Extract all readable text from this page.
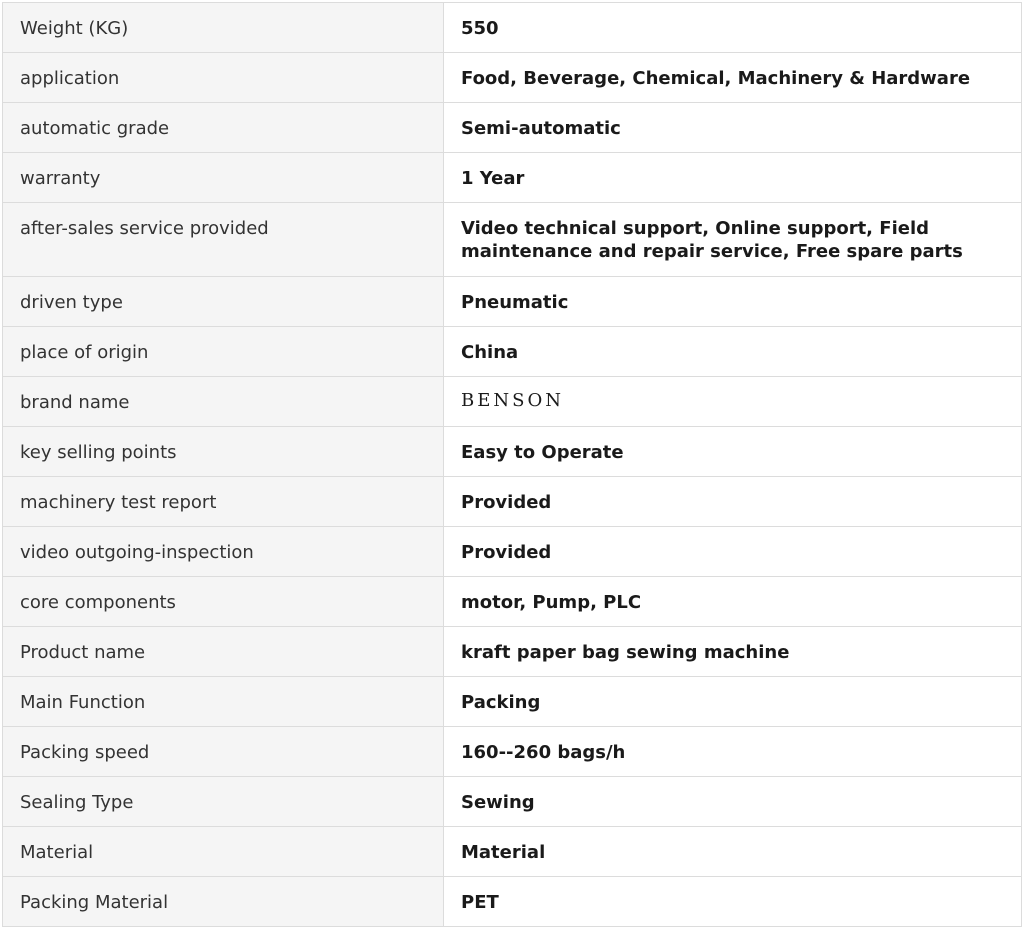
Weight (KG)	550
application	Food, Beverage, Chemical, Machinery & Hardware
automatic grade	Semi-automatic
warranty	1 Year
after-sales service provided	Video technical support, Online support, Field maintenance and repair service, Free spare parts
driven type	Pneumatic
place of origin	China
brand name	BENSON
key selling points	Easy to Operate
machinery test report	Provided
video outgoing-inspection	Provided
core components	motor, Pump, PLC
Product name	kraft paper bag sewing machine
Main Function	Packing
Packing speed	160--260 bags/h
Sealing Type	Sewing
Material	Material
Packing Material	PET
